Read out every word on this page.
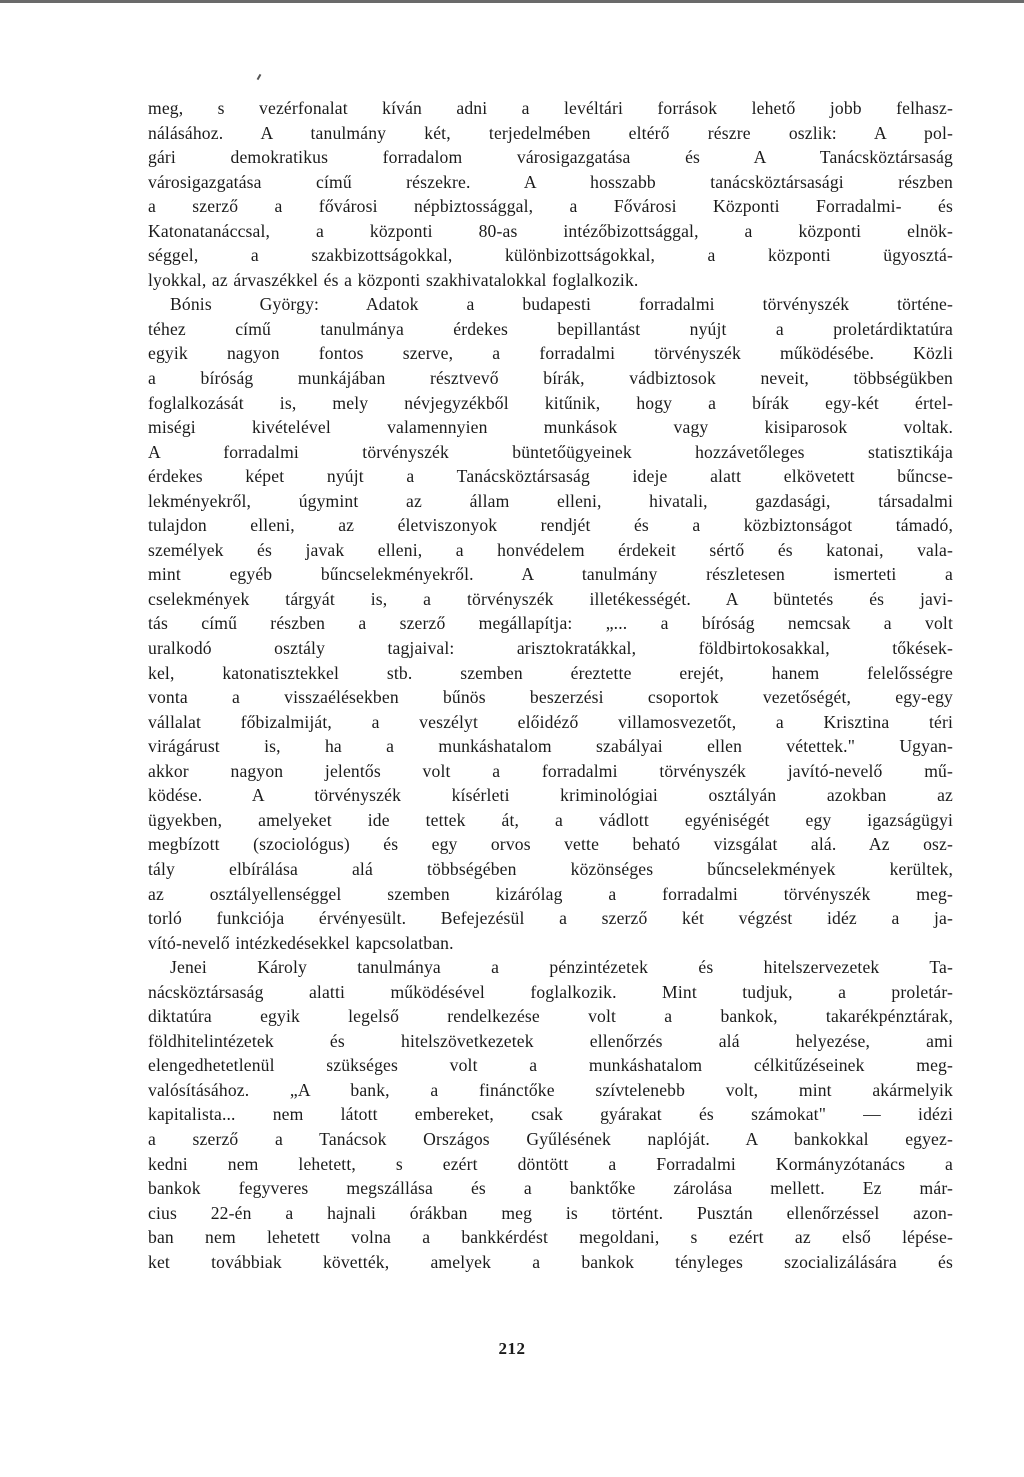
meg, s vezérfonalat kíván adni a levéltári források lehető jobb felhasz-
nálásához. A tanulmány két, terjedelmében eltérő részre oszlik: A pol-
gári demokratikus forradalom városigazgatása és A Tanácsköztársaság
városigazgatása című részekre. A hosszabb tanácsköztársasági részben
a szerző a fővárosi népbiztossággal, a Fővárosi Központi Forradalmi- és
Katonatanáccsal, a központi 80-as intézőbizottsággal, a központi elnök-
séggel, a szakbizottságokkal, különbizottságokkal, a központi ügyosztá-
lyokkal, az árvaszékkel és a központi szakhivatalokkal foglalkozik.

Bónis György: Adatok a budapesti forradalmi törvényszék történe-
téhez című tanulmánya érdekes bepillantást nyújt a proletárdiktatúra
egyik nagyon fontos szerve, a forradalmi törvényszék működésébe. Közli
a bíróság munkájában résztvevő bírák, vádbiztosok neveit, többségükben
foglalkozását is, mely névjegyzékből kitűnik, hogy a bírák egy-két értel-
miségi kivételével valamennyien munkások vagy kisiparosok voltak.
A forradalmi törvényszék büntetőügyeinek hozzávetőleges statisztikája
érdekes képet nyújt a Tanácsköztársaság ideje alatt elkövetett bűncse-
lekményekről, úgymint az állam elleni, hivatali, gazdasági, társadalmi
tulajdon elleni, az életviszonyok rendjét és a közbiztonságot támadó,
személyek és javak elleni, a honvédelem érdekeit sértő és katonai, vala-
mint egyéb bűncselekményekről. A tanulmány részletesen ismerteti a
cselekmények tárgyát is, a törvényszék illetékességét. A büntetés és javi-
tás című részben a szerző megállapítja: „... a bíróság nemcsak a volt
uralkodó osztály tagjaival: arisztokratákkal, földbirtokosakkal, tőkések-
kel, katonatisztekkel stb. szemben éreztette erejét, hanem felelősségre
vonta a visszaélésekben bűnös beszerzési csoportok vezetőségét, egy-egy
vállalat főbizalmiját, a veszélyt előidéző villamosvezetőt, a Krisztina téri
virágárust is, ha a munkáshatalom szabályai ellen vétettek." Ugyan-
akkor nagyon jelentős volt a forradalmi törvényszék javító-nevelő mű-
ködése. A törvényszék kísérleti kriminológiai osztályán azokban az
ügyekben, amelyeket ide tettek át, a vádlott egyéniségét egy igazságügyi
megbízott (szociológus) és egy orvos vette beható vizsgálat alá. Az osz-
tály elbírálása alá többségében közönséges bűncselekmények kerültek,
az osztályellenséggel szemben kizárólag a forradalmi törvényszék meg-
torló funkciója érvényesült. Befejezésül a szerző két végzést idéz a ja-
vító-nevelő intézkedésekkel kapcsolatban.

Jenei Károly tanulmánya a pénzintézetek és hitelszervezetek Ta-
nácsköztársaság alatti működésével foglalkozik. Mint tudjuk, a proletár-
diktatúra egyik legelső rendelkezése volt a bankok, takarékpénztárak,
földhitelintézetek és hitelszövetkezetek ellenőrzés alá helyezése, ami
elengedhetetlenül szükséges volt a munkáshatalom célkitűzéseinek meg-
valósításához. „A bank, a finánctőke szívtelenebb volt, mint akármelyik
kapitalista... nem látott embereket, csak gyárakat és számokat" — idézi
a szerző a Tanácsok Országos Gyűlésének naplóját. A bankokkal egyez-
kedni nem lehetett, s ezért döntött a Forradalmi Kormányzótanács a
bankok fegyveres megszállása és a banktőke zárolása mellett. Ez már-
cius 22-én a hajnali órákban meg is történt. Pusztán ellenőrzéssel azon-
ban nem lehetett volna a bankkérdést megoldani, s ezért az első lépése-
ket továbbiak követték, amelyek a bankok tényleges szocializálására és

212
